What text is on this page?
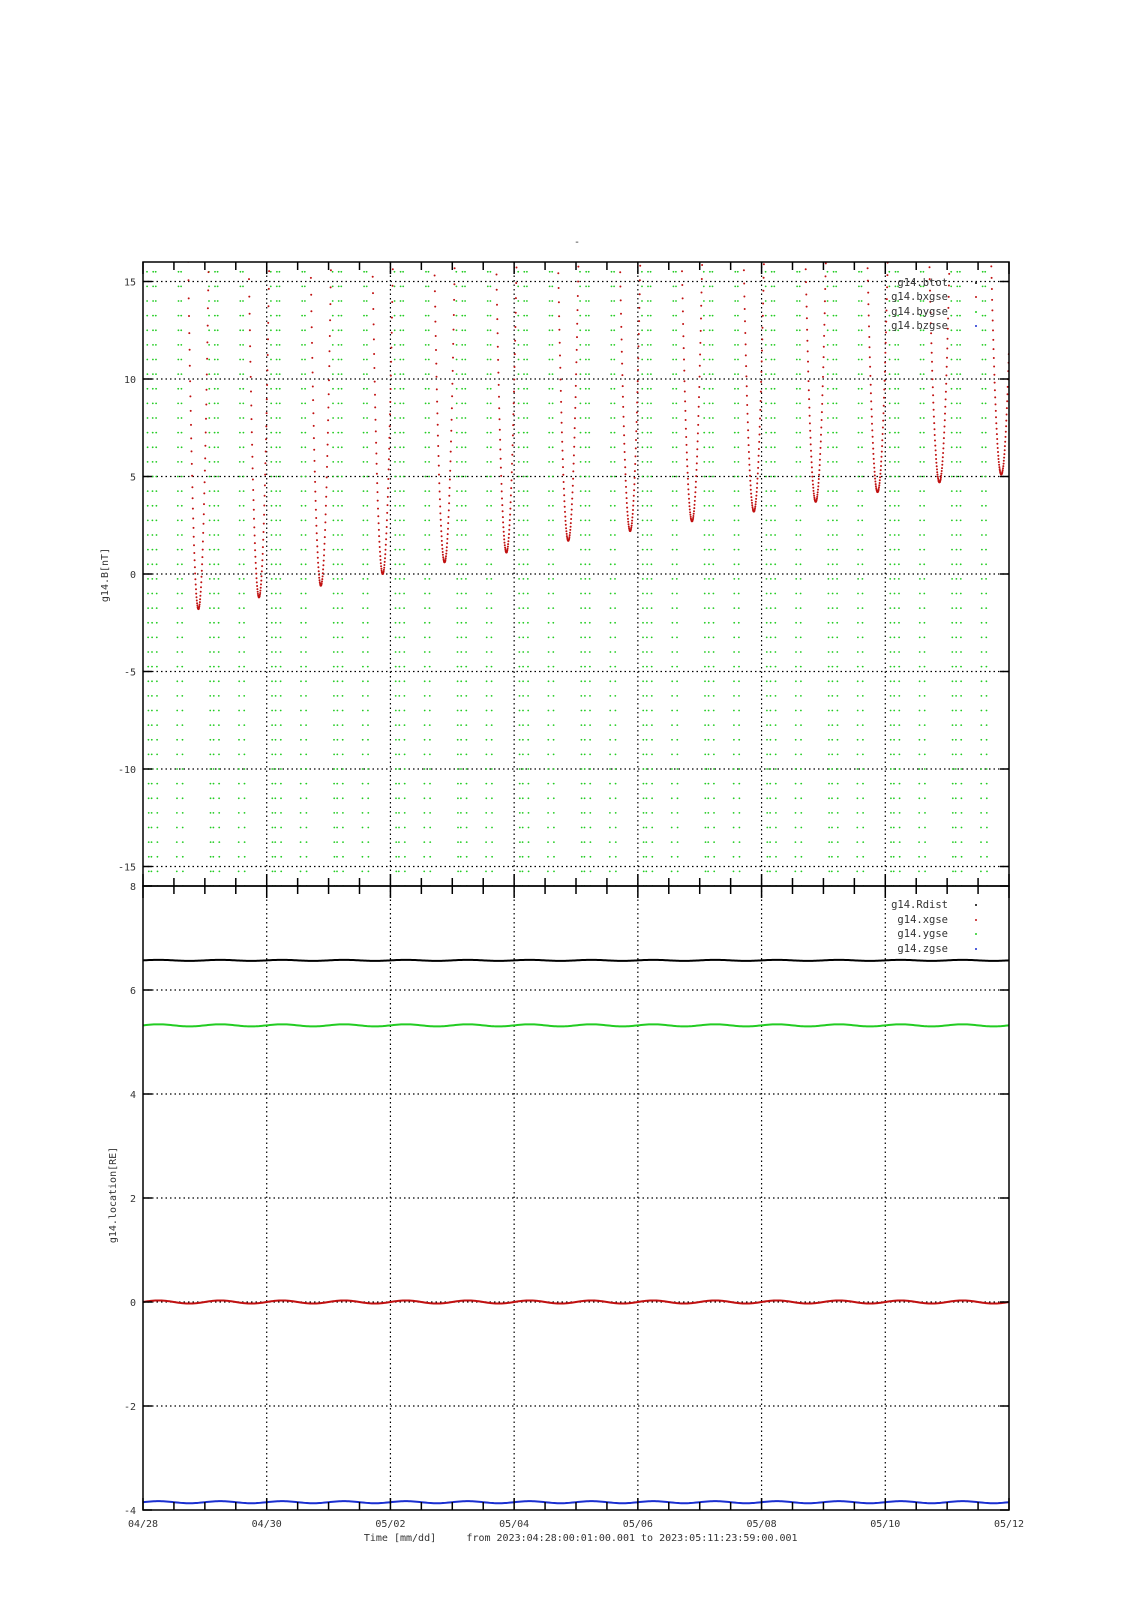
-
-15
-10
-5
0
5
10
15
g14.B[nT]
g14.btot
g14.bxgse
g14.bygse
g14.bzgse
-4
-2
0
2
4
6
8
g14.location[RE]
g14.Rdist
g14.xgse
g14.ygse
g14.zgse
04/28	04/30	05/02	05/04	05/06	05/08	05/10	05/12
Time [mm/dd]	from 2023:04:28:00:01:00.001 to 2023:05:11:23:59:00.001
